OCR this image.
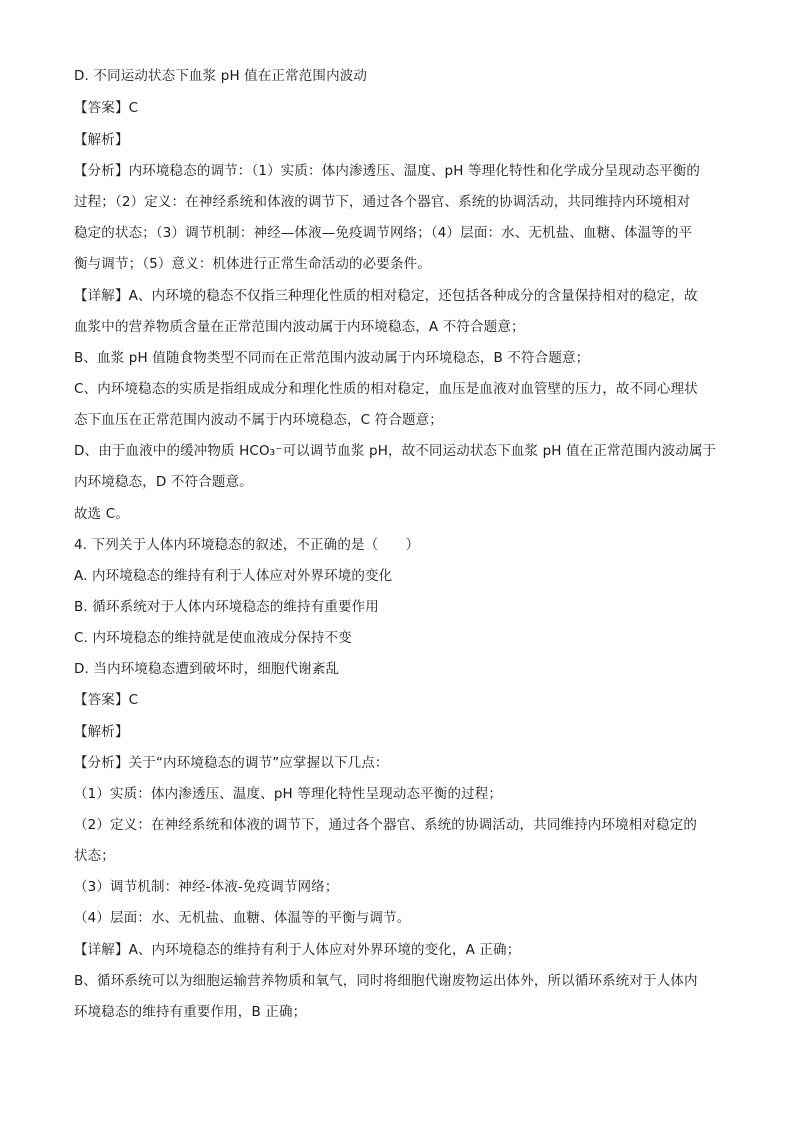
D. 不同运动状态下血浆 pH 值在正常范围内波动
【答案】C
【解析】
【分析】内环境稳态的调节：（1）实质：体内渗透压、温度、pH 等理化特性和化学成分呈现动态平衡的
过程；（2）定义：在神经系统和体液的调节下，通过各个器官、系统的协调活动，共同维持内环境相对
稳定的状态；（3）调节机制：神经—体液—免疫调节网络；（4）层面：水、无机盐、血糖、体温等的平
衡与调节；（5）意义：机体进行正常生命活动的必要条件。
【详解】A、内环境的稳态不仅指三种理化性质的相对稳定，还包括各种成分的含量保持相对的稳定，故
血浆中的营养物质含量在正常范围内波动属于内环境稳态，A 不符合题意；
B、血浆 pH 值随食物类型不同而在正常范围内波动属于内环境稳态，B 不符合题意；
C、内环境稳态的实质是指组成成分和理化性质的相对稳定，血压是血液对血管壁的压力，故不同心理状
态下血压在正常范围内波动不属于内环境稳态，C 符合题意；
D、由于血液中的缓冲物质 HCO₃⁻可以调节血浆 pH，故不同运动状态下血浆 pH 值在正常范围内波动属于
内环境稳态，D 不符合题意。
故选 C。
4. 下列关于人体内环境稳态的叙述，不正确的是（　　）
A. 内环境稳态的维持有利于人体应对外界环境的变化
B. 循环系统对于人体内环境稳态的维持有重要作用
C. 内环境稳态的维持就是使血液成分保持不变
D. 当内环境稳态遭到破坏时，细胞代谢紊乱
【答案】C
【解析】
【分析】关于“内环境稳态的调节”应掌握以下几点：
（1）实质：体内渗透压、温度、pH 等理化特性呈现动态平衡的过程；
（2）定义：在神经系统和体液的调节下，通过各个器官、系统的协调活动，共同维持内环境相对稳定的
状态；
（3）调节机制：神经-体液-免疫调节网络；
（4）层面：水、无机盐、血糖、体温等的平衡与调节。
【详解】A、内环境稳态的维持有利于人体应对外界环境的变化，A 正确；
B、循环系统可以为细胞运输营养物质和氧气，同时将细胞代谢废物运出体外，所以循环系统对于人体内
环境稳态的维持有重要作用，B 正确；
